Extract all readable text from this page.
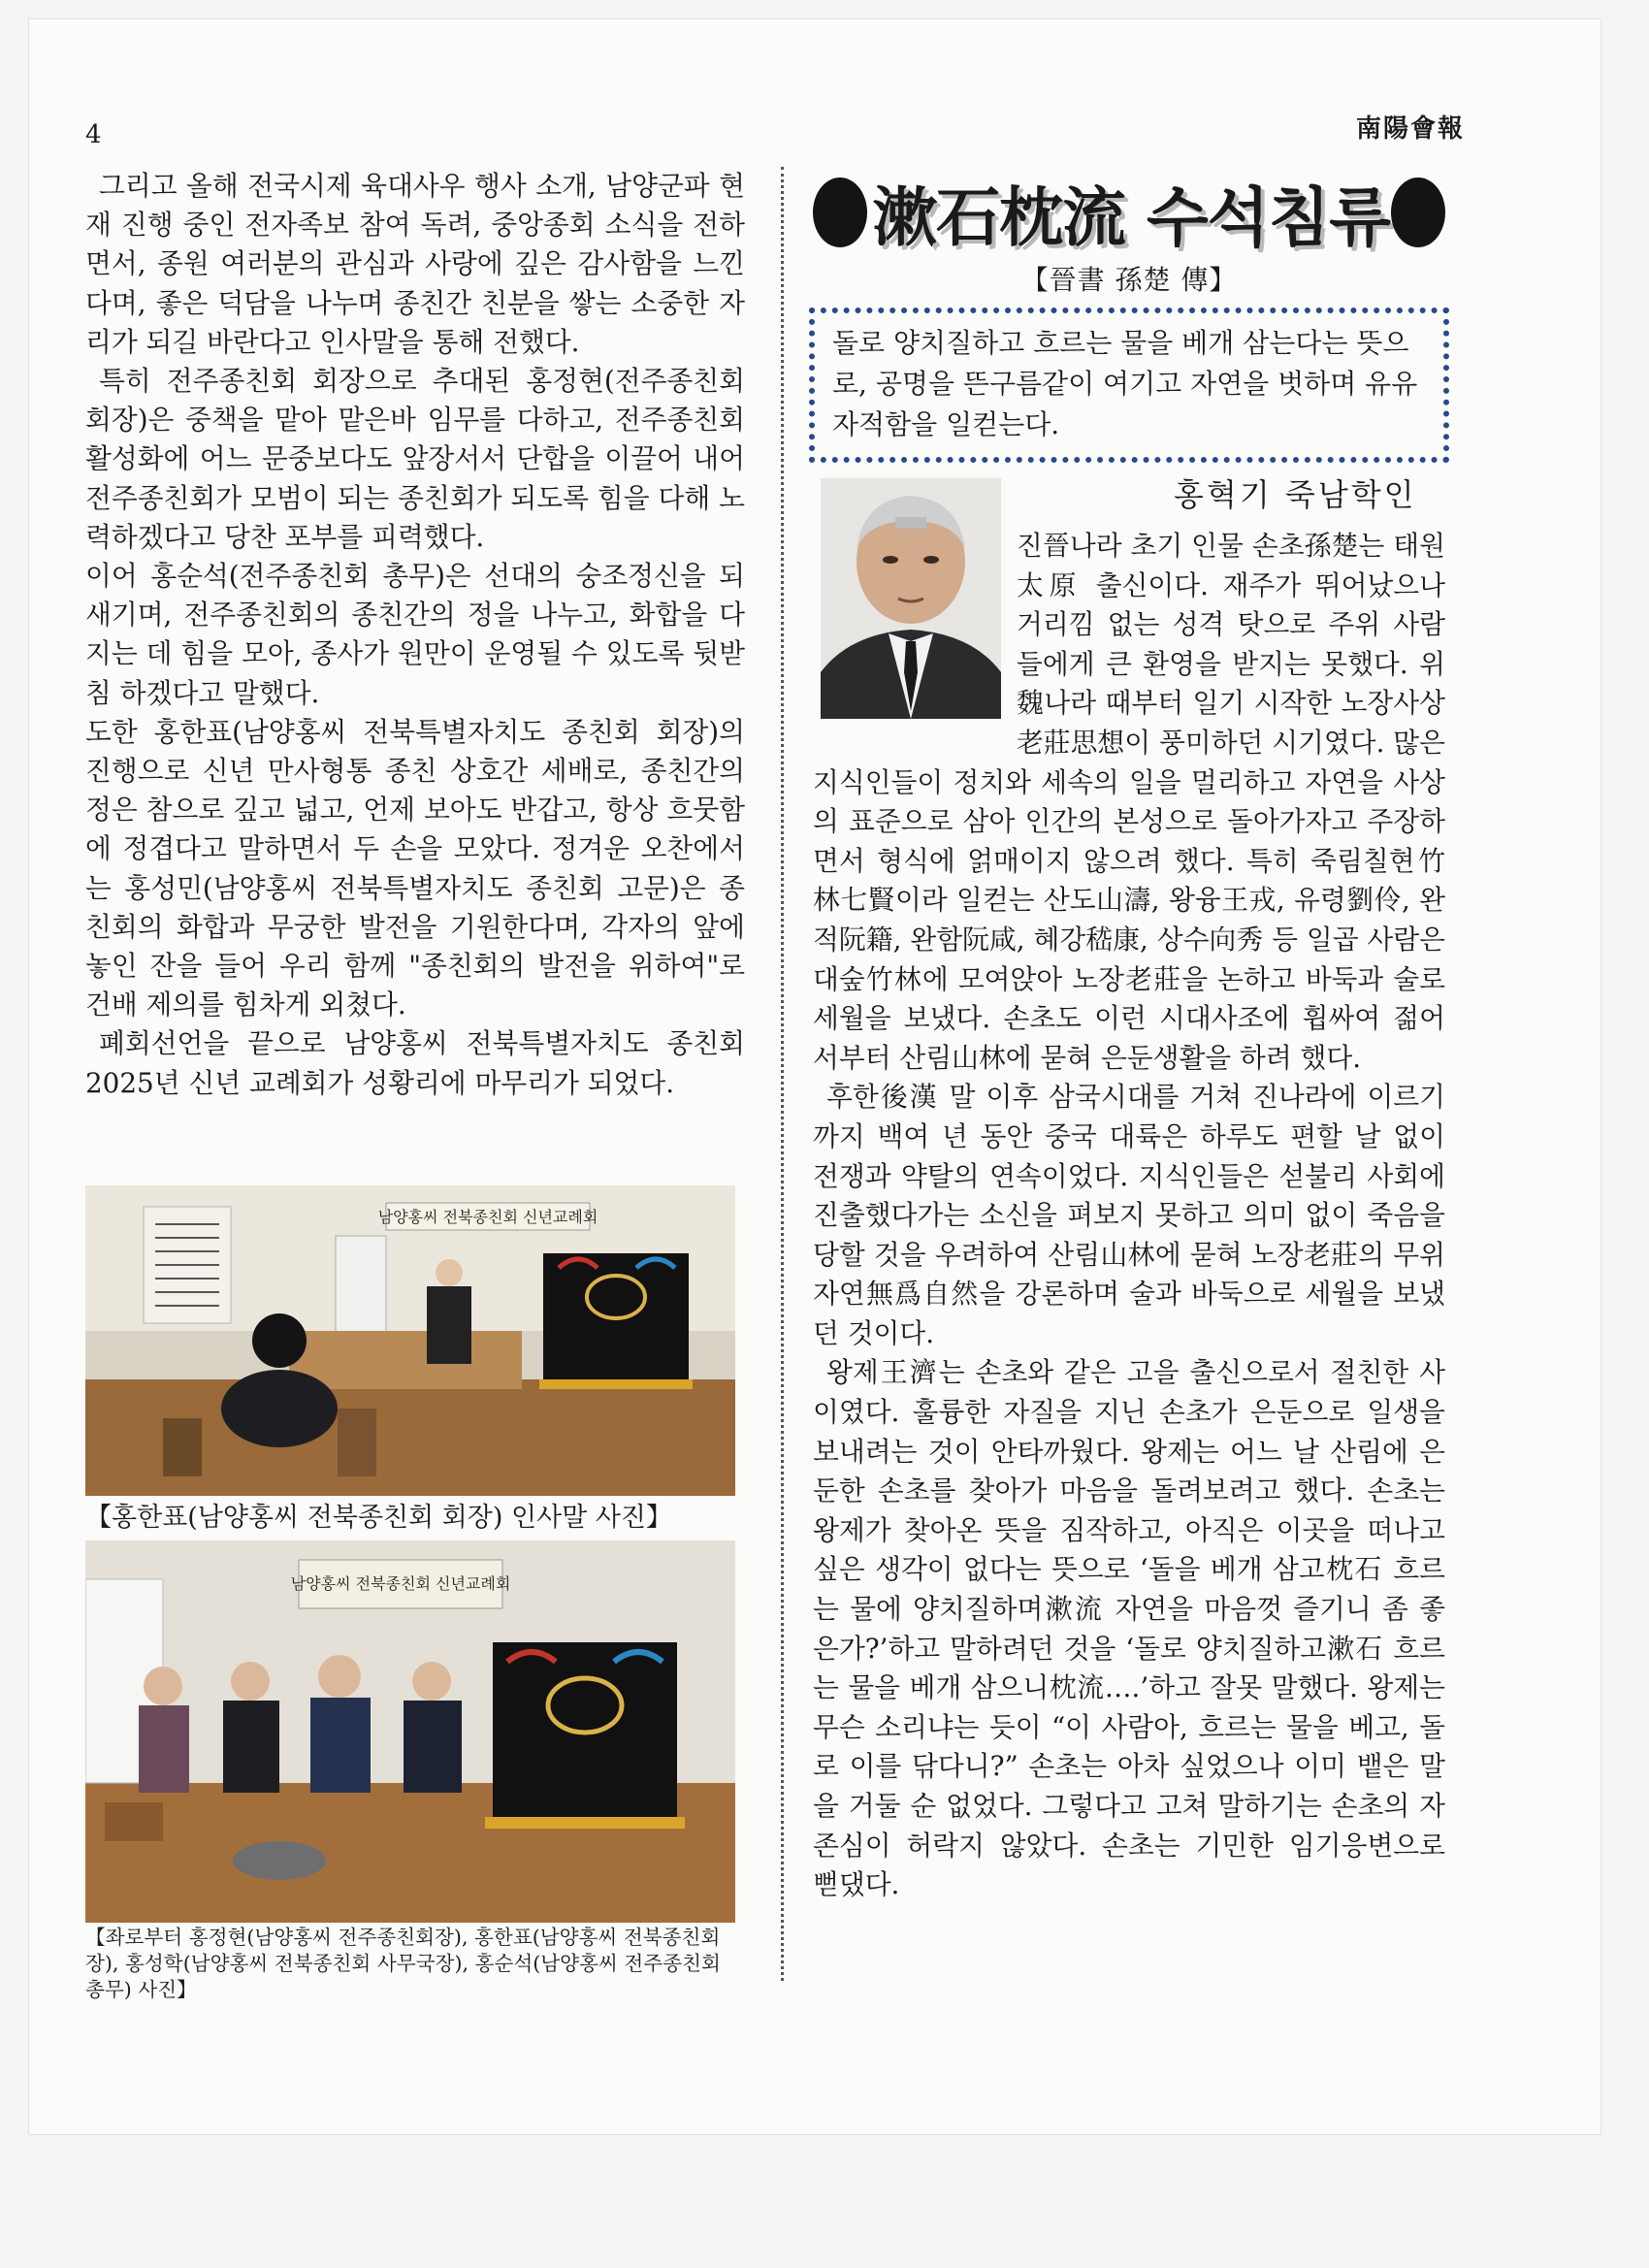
4	南陽會報

그리고 올해 전국시제 육대사우 행사 소개, 남양군파 현재 진행 중인 전자족보 참여 독려, 중앙종회 소식을 전하면서, 종원 여러분의 관심과 사랑에 깊은 감사함을 느낀다며, 좋은 덕담을 나누며 종친간 친분을 쌓는 소중한 자리가 되길 바란다고 인사말을 통해 전했다.

특히 전주종친회 회장으로 추대된 홍정현(전주종친회 회장)은 중책을 맡아 맡은바 임무를 다하고, 전주종친회 활성화에 어느 문중보다도 앞장서서 단합을 이끌어 내어 전주종친회가 모범이 되는 종친회가 되도록 힘을 다해 노력하겠다고 당찬 포부를 피력했다.

이어 홍순석(전주종친회 총무)은 선대의 숭조정신을 되새기며, 전주종친회의 종친간의 정을 나누고, 화합을 다지는 데 힘을 모아, 종사가 원만이 운영될 수 있도록 뒷받침 하겠다고 말했다.

도한 홍한표(남양홍씨 전북특별자치도 종친회 회장)의 진행으로 신년 만사형통 종친 상호간 세배로, 종친간의 정은 참으로 깊고 넓고, 언제 보아도 반갑고, 항상 흐뭇함에 정겹다고 말하면서 두 손을 모았다. 정겨운 오찬에서는 홍성민(남양홍씨 전북특별자치도 종친회 고문)은 종친회의 화합과 무궁한 발전을 기원한다며, 각자의 앞에 놓인 잔을 들어 우리 함께 "종친회의 발전을 위하여"로 건배 제의를 힘차게 외쳤다.

폐회선언을 끝으로 남양홍씨 전북특별자치도 종친회 2025년 신년 교례회가 성황리에 마무리가 되었다.

남양홍씨 전북종친회 신년교례회
【홍한표(남양홍씨 전북종친회 회장) 인사말 사진】
남양홍씨 전북종친회 신년교례회
【좌로부터 홍정현(남양홍씨 전주종친회장), 홍한표(남양홍씨 전북종친회장), 홍성학(남양홍씨 전북종친회 사무국장), 홍순석(남양홍씨 전주종친회 총무) 사진】
漱石枕流 수석침류
【晉書 孫楚 傳】
돌로 양치질하고 흐르는 물을 베개 삼는다는 뜻으로, 공명을 뜬구름같이 여기고 자연을 벗하며 유유자적함을 일컫는다.
홍혁기 죽남학인

진晉나라 초기 인물 손초孫楚는 태원太原 출신이다. 재주가 뛰어났으나 거리낌 없는 성격 탓으로 주위 사람들에게 큰 환영을 받지는 못했다. 위魏나라 때부터 일기 시작한 노장사상老莊思想이 풍미하던 시기였다. 많은 지식인들이 정치와 세속의 일을 멀리하고 자연을 사상의 표준으로 삼아 인간의 본성으로 돌아가자고 주장하면서 형식에 얽매이지 않으려 했다. 특히 죽림칠현竹林七賢이라 일컫는 산도山濤, 왕융王戎, 유령劉伶, 완적阮籍, 완함阮咸, 혜강嵇康, 상수向秀 등 일곱 사람은 대숲竹林에 모여앉아 노장老莊을 논하고 바둑과 술로 세월을 보냈다. 손초도 이런 시대사조에 휩싸여 젊어서부터 산림山林에 묻혀 은둔생활을 하려 했다.

후한後漢 말 이후 삼국시대를 거쳐 진나라에 이르기까지 백여 년 동안 중국 대륙은 하루도 편할 날 없이 전쟁과 약탈의 연속이었다. 지식인들은 섣불리 사회에 진출했다가는 소신을 펴보지 못하고 의미 없이 죽음을 당할 것을 우려하여 산림山林에 묻혀 노장老莊의 무위자연無爲自然을 강론하며 술과 바둑으로 세월을 보냈던 것이다.

왕제王濟는 손초와 같은 고을 출신으로서 절친한 사이였다. 훌륭한 자질을 지닌 손초가 은둔으로 일생을 보내려는 것이 안타까웠다. 왕제는 어느 날 산림에 은둔한 손초를 찾아가 마음을 돌려보려고 했다. 손초는 왕제가 찾아온 뜻을 짐작하고, 아직은 이곳을 떠나고 싶은 생각이 없다는 뜻으로 ‘돌을 베개 삼고枕石 흐르는 물에 양치질하며漱流 자연을 마음껏 즐기니 좀 좋은가?’하고 말하려던 것을 ‘돌로 양치질하고漱石 흐르는 물을 베개 삼으니枕流….’하고 잘못 말했다. 왕제는 무슨 소리냐는 듯이 “이 사람아, 흐르는 물을 베고, 돌로 이를 닦다니?” 손초는 아차 싶었으나 이미 뱉은 말을 거둘 순 없었다. 그렇다고 고쳐 말하기는 손초의 자존심이 허락지 않았다. 손초는 기민한 임기응변으로 뻗댔다.
